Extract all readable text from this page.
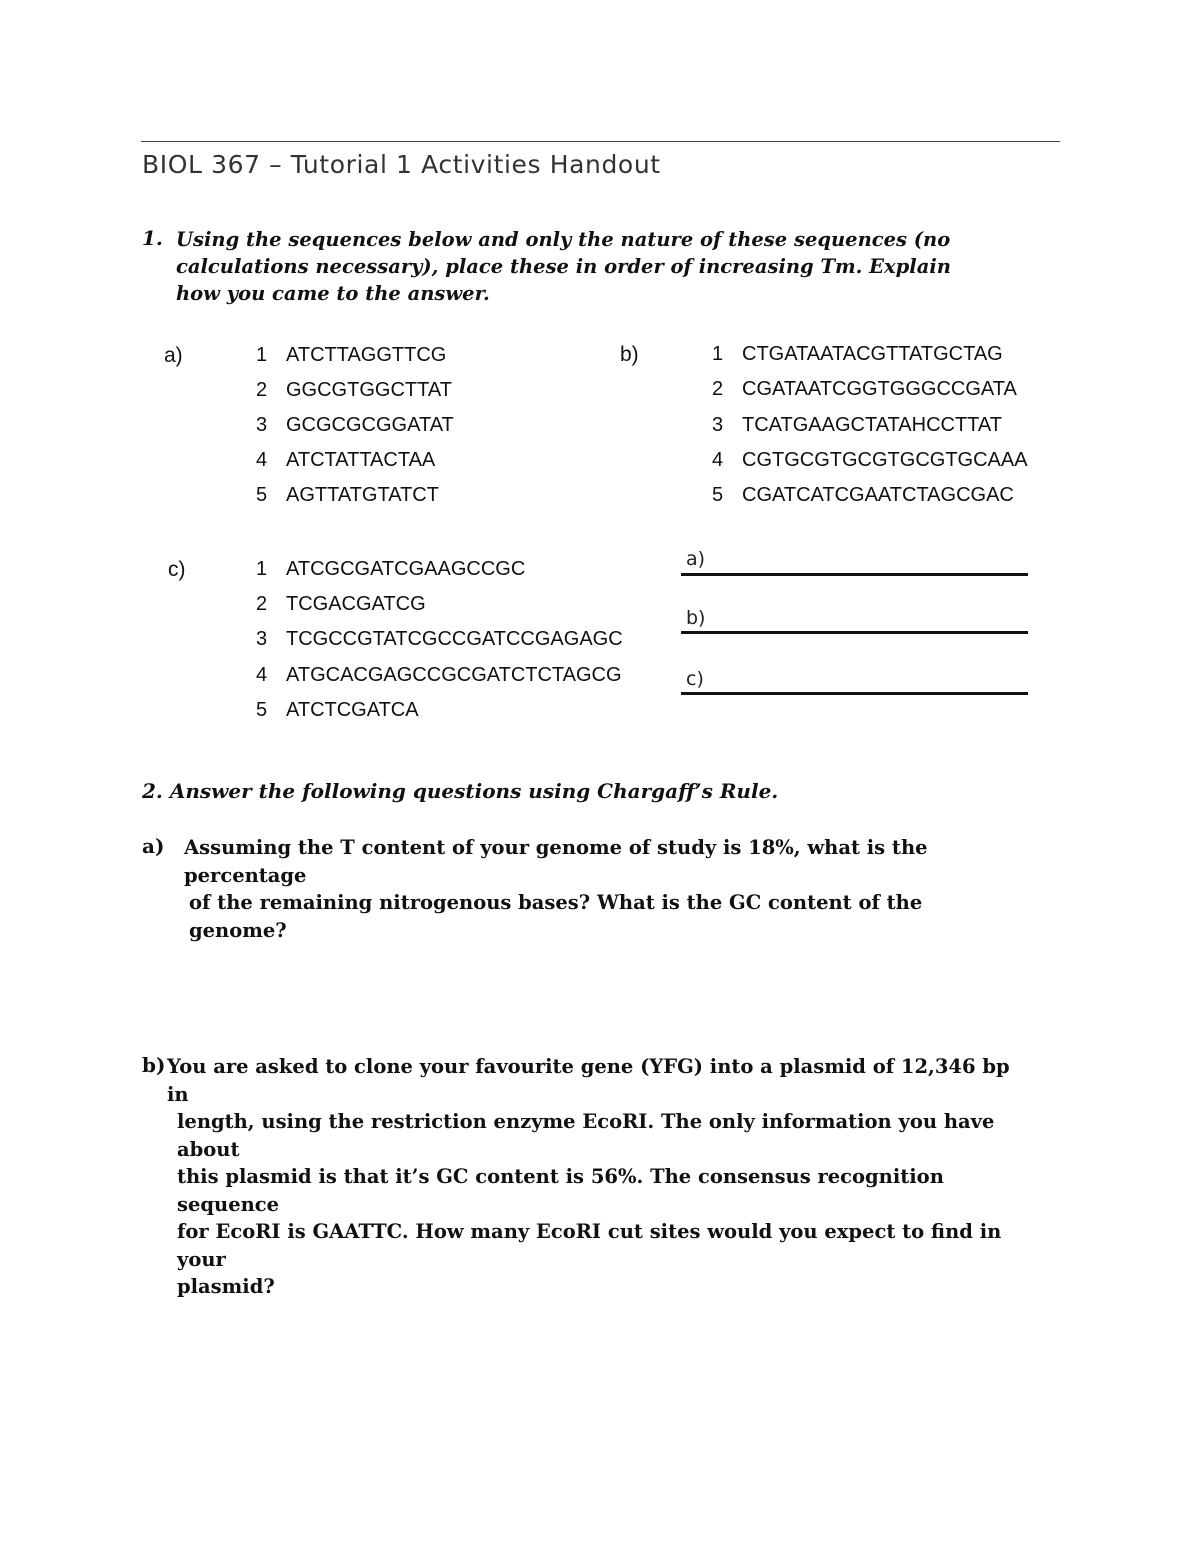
BIOL 367 – Tutorial 1 Activities Handout
1. Using the sequences below and only the nature of these sequences (no calculations necessary), place these in order of increasing Tm. Explain how you came to the answer.
a)	1 ATCTTAGGTTCG
2 GGCGTGGCTTAT
3 GCGCGCGGATAT
4 ATCTATTACTAA
5 AGTTATGTATCT
b)	1 CTGATAATACGTTATGCTAG
2 CGATAATCGGTGGGCCGATA
3 TCATGAAGCTATAHCCTTAT
4 CGTGCGTGCGTGCGTGCAAA
5 CGATCATCGAATCTAGCGAC
c)	1 ATCGCGATCGAAGCCGC
2 TCGACGATCG
3 TCGCCGTATCGCCGATCCGAGAGC
4 ATGCACGAGCCGCGATCTCTAGCG
5 ATCTCGATCA
a)
b)
c)
2. Answer the following questions using Chargaff’s Rule.
a) Assuming the T content of your genome of study is 18%, what is the percentage

of the remaining nitrogenous bases? What is the GC content of the genome?

b) You are asked to clone your favourite gene (YFG) into a plasmid of 12,346 bp in

length, using the restriction enzyme EcoRI. The only information you have about

this plasmid is that it’s GC content is 56%. The consensus recognition sequence

for EcoRI is GAATTC. How many EcoRI cut sites would you expect to find in your

plasmid?
